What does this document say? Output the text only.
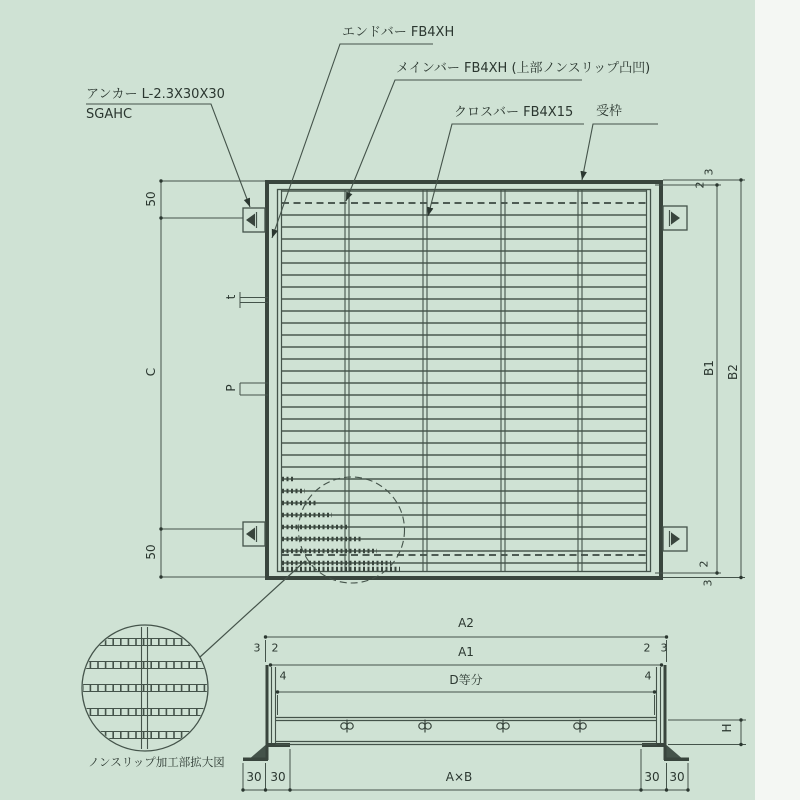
アンカー L-2.3X30X30
SGAHC
エンドバー FB4XH
メインバー FB4XH (上部ノンスリップ凸凹)
クロスバー FB4X15 受枠
ノンスリップ加工部拡大図
50
C
50
t
P
B1 B2
2
3
2
3
A2
A1
D等分
3 2	2 3
4	4
H
A×B
30 30	30 30
